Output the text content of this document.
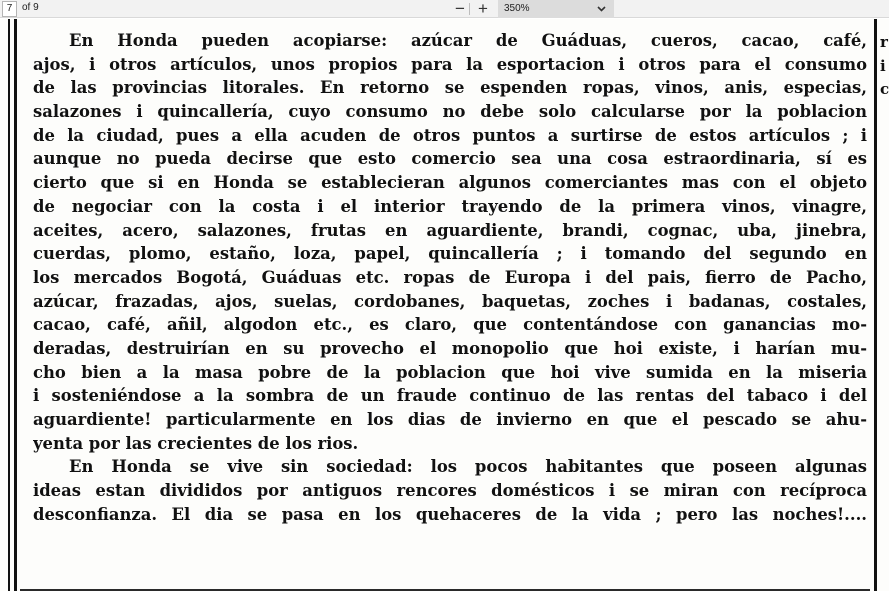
7 of 9	− +	350%
En Honda pueden acopiarse: azúcar de Guáduas, cueros, cacao, café,
ajos, i otros artículos, unos propios para la esportacion i otros para el consumo
de las provincias litorales. En retorno se espenden ropas, vinos, anis, especias,
salazones i quincallería, cuyo consumo no debe solo calcularse por la poblacion
de la ciudad, pues a ella acuden de otros puntos a surtirse de estos artículos ; i
aunque no pueda decirse que esto comercio sea una cosa estraordinaria, sí es
cierto que si en Honda se establecieran algunos comerciantes mas con el objeto
de negociar con la costa i el interior trayendo de la primera vinos, vinagre,
aceites, acero, salazones, frutas en aguardiente, brandi, cognac, uba, jinebra,
cuerdas, plomo, estaño, loza, papel, quincallería ; i tomando del segundo en
los mercados Bogotá, Guáduas etc. ropas de Europa i del pais, fierro de Pacho,
azúcar, frazadas, ajos, suelas, cordobanes, baquetas, zoches i badanas, costales,
cacao, café, añil, algodon etc., es claro, que contentándose con ganancias mo-
deradas, destruirían en su provecho el monopolio que hoi existe, i harían mu-
cho bien a la masa pobre de la poblacion que hoi vive sumida en la miseria
i sosteniéndose a la sombra de un fraude continuo de las rentas del tabaco i del
aguardiente! particularmente en los dias de invierno en que el pescado se ahu-
yenta por las crecientes de los rios.
En Honda se vive sin sociedad: los pocos habitantes que poseen algunas
ideas estan divididos por antiguos rencores domésticos i se miran con recíproca
desconfianza. El dia se pasa en los quehaceres de la vida ; pero las noches!....
r
i
c
